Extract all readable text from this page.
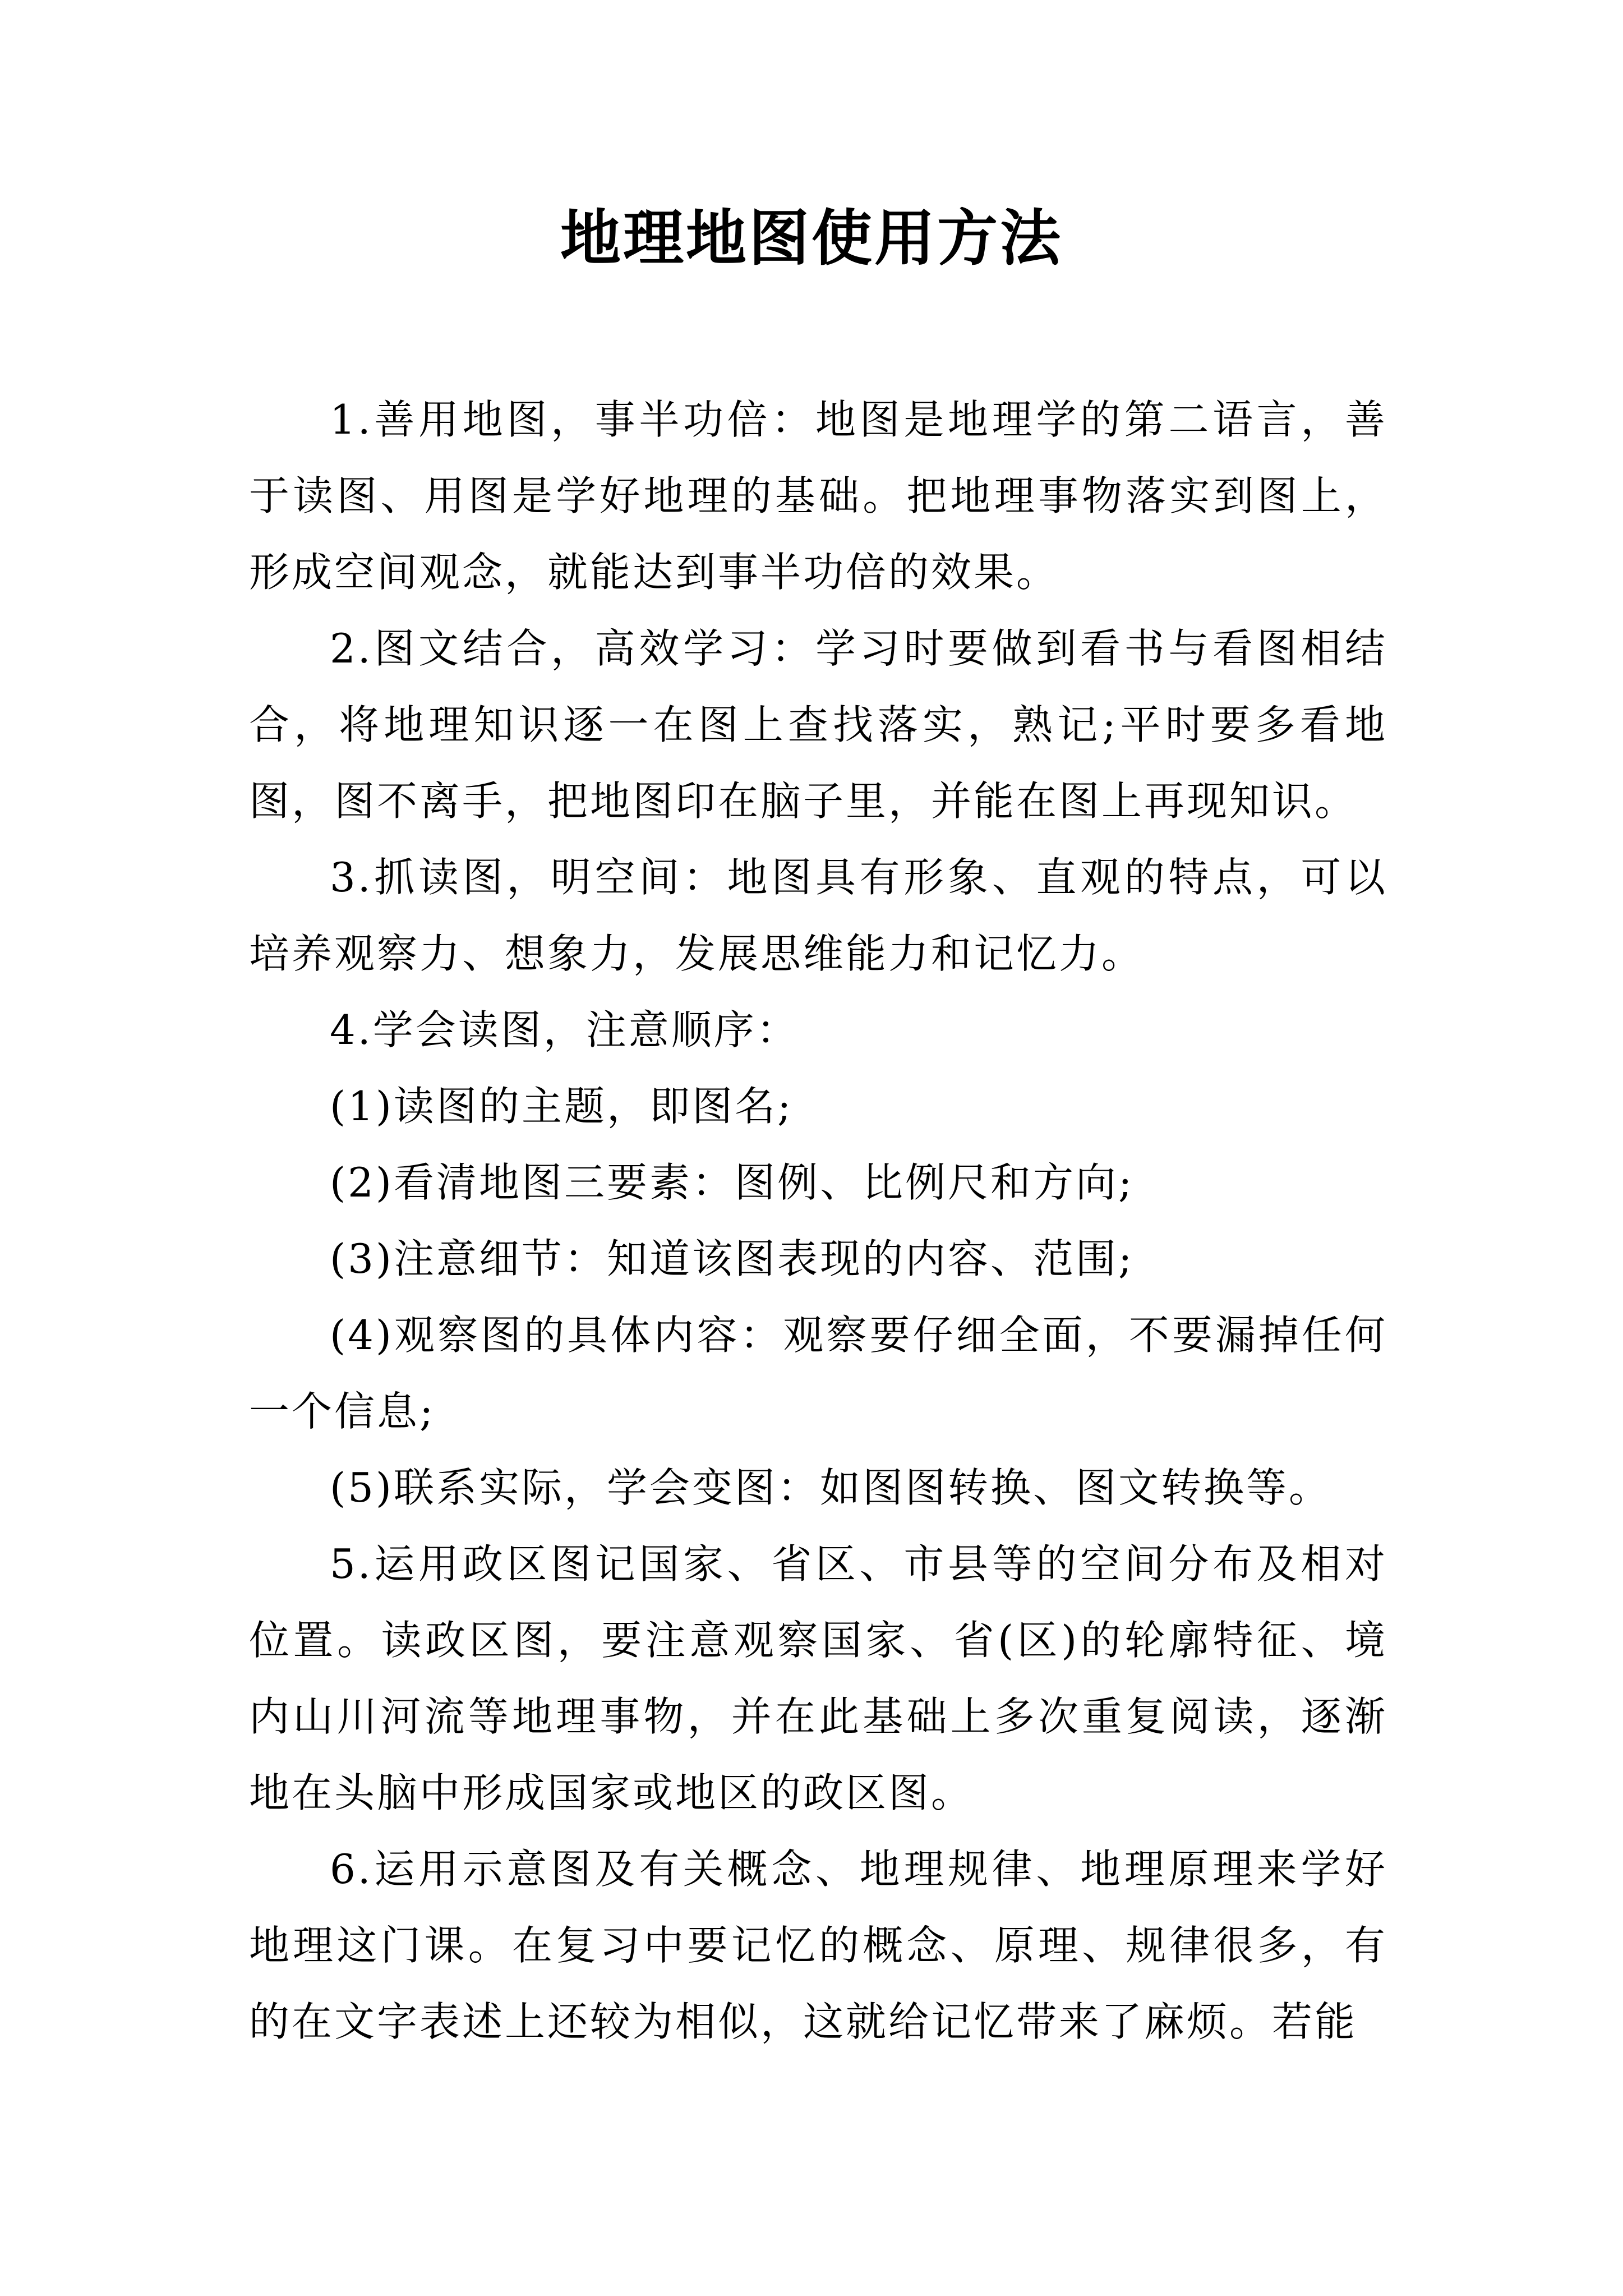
地理地图使用方法

1.善用地图，事半功倍：地图是地理学的第二语言，善于读图、用图是学好地理的基础。把地理事物落实到图上，形成空间观念，就能达到事半功倍的效果。

2.图文结合，高效学习：学习时要做到看书与看图相结合，将地理知识逐一在图上查找落实，熟记;平时要多看地图，图不离手，把地图印在脑子里，并能在图上再现知识。

3.抓读图，明空间：地图具有形象、直观的特点，可以培养观察力、想象力，发展思维能力和记忆力。

4.学会读图，注意顺序：

(1)读图的主题，即图名;

(2)看清地图三要素：图例、比例尺和方向;

(3)注意细节：知道该图表现的内容、范围;

(4)观察图的具体内容：观察要仔细全面，不要漏掉任何一个信息;

(5)联系实际，学会变图：如图图转换、图文转换等。

5.运用政区图记国家、省区、市县等的空间分布及相对位置。读政区图，要注意观察国家、省(区)的轮廓特征、境内山川河流等地理事物，并在此基础上多次重复阅读，逐渐地在头脑中形成国家或地区的政区图。

6.运用示意图及有关概念、地理规律、地理原理来学好地理这门课。在复习中要记忆的概念、原理、规律很多，有的在文字表述上还较为相似，这就给记忆带来了麻烦。若能
